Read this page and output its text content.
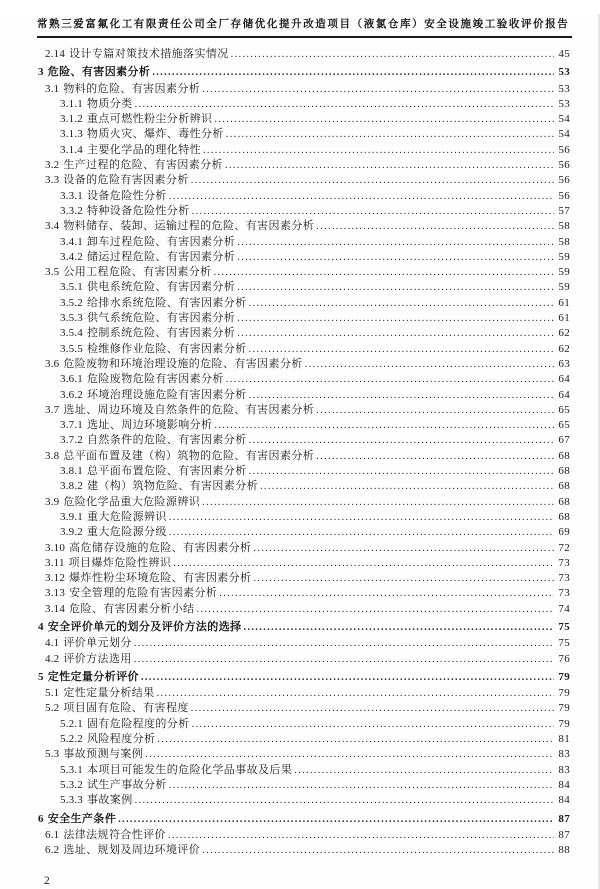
常熟三爱富氟化工有限责任公司全厂存储优化提升改造项目（液氯仓库）安全设施竣工验收评价报告
2.14 设计专篇对策技术措施落实情况 .....	45
3 危险、有害因素分析 .....	53
3.1 物料的危险、有害因素分析 .....	53
3.1.1 物质分类 .....	53
3.1.2 重点可燃性粉尘分析辨识 .....	54
3.1.3 物质火灾、爆炸、毒性分析 .....	54
3.1.4 主要化学品的理化特性 .....	56
3.2 生产过程的危险、有害因素分析 .....	56
3.3 设备的危险有害因素分析 .....	56
3.3.1 设备危险性分析 .....	56
3.3.2 特种设备危险性分析 .....	57
3.4 物料储存、装卸、运输过程的危险、有害因素分析 .....	58
3.4.1 卸车过程危险、有害因素分析 .....	58
3.4.2 储运过程危险、有害因素分析 .....	59
3.5 公用工程危险、有害因素分析 .....	59
3.5.1 供电系统危险、有害因素分析 .....	59
3.5.2 给排水系统危险、有害因素分析 .....	61
3.5.3 供气系统危险、有害因素分析 .....	61
3.5.4 控制系统危险、有害因素分析 .....	62
3.5.5 检维修作业危险、有害因素分析 .....	62
3.6 危险废物和环境治理设施的危险、有害因素分析 .....	63
3.6.1 危险废物危险有害因素分析 .....	64
3.6.2 环境治理设施危险有害因素分析 .....	64
3.7 选址、周边环境及自然条件的危险、有害因素分析 .....	65
3.7.1 选址、周边环境影响分析 .....	65
3.7.2 自然条件的危险、有害因素分析 .....	67
3.8 总平面布置及建（构）筑物的危险、有害因素分析 .....	68
3.8.1 总平面布置危险、有害因素分析 .....	68
3.8.2 建（构）筑物危险、有害因素分析 .....	68
3.9 危险化学品重大危险源辨识 .....	68
3.9.1 重大危险源辨识 .....	68
3.9.2 重大危险源分级 .....	69
3.10 高危储存设施的危险、有害因素分析 .....	72
3.11 项目爆炸危险性辨识 .....	73
3.12 爆炸性粉尘环境危险、有害因素分析 .....	73
3.13 安全管理的危险有害因素分析 .....	73
3.14 危险、有害因素分析小结 .....	74
4 安全评价单元的划分及评价方法的选择 .....	75
4.1 评价单元划分 .....	75
4.2 评价方法选用 .....	76
5 定性定量分析评价 .....	79
5.1 定性定量分析结果 .....	79
5.2 项目固有危险、有害程度 .....	79
5.2.1 固有危险程度的分析 .....	79
5.2.2 风险程度分析 .....	81
5.3 事故预测与案例 .....	83
5.3.1 本项目可能发生的危险化学品事故及后果 .....	83
5.3.2 试生产事故分析 .....	84
5.3.3 事故案例 .....	84
6 安全生产条件 .....	87
6.1 法律法规符合性评价 .....	87
6.2 选址、规划及周边环境评价 .....	88
2
